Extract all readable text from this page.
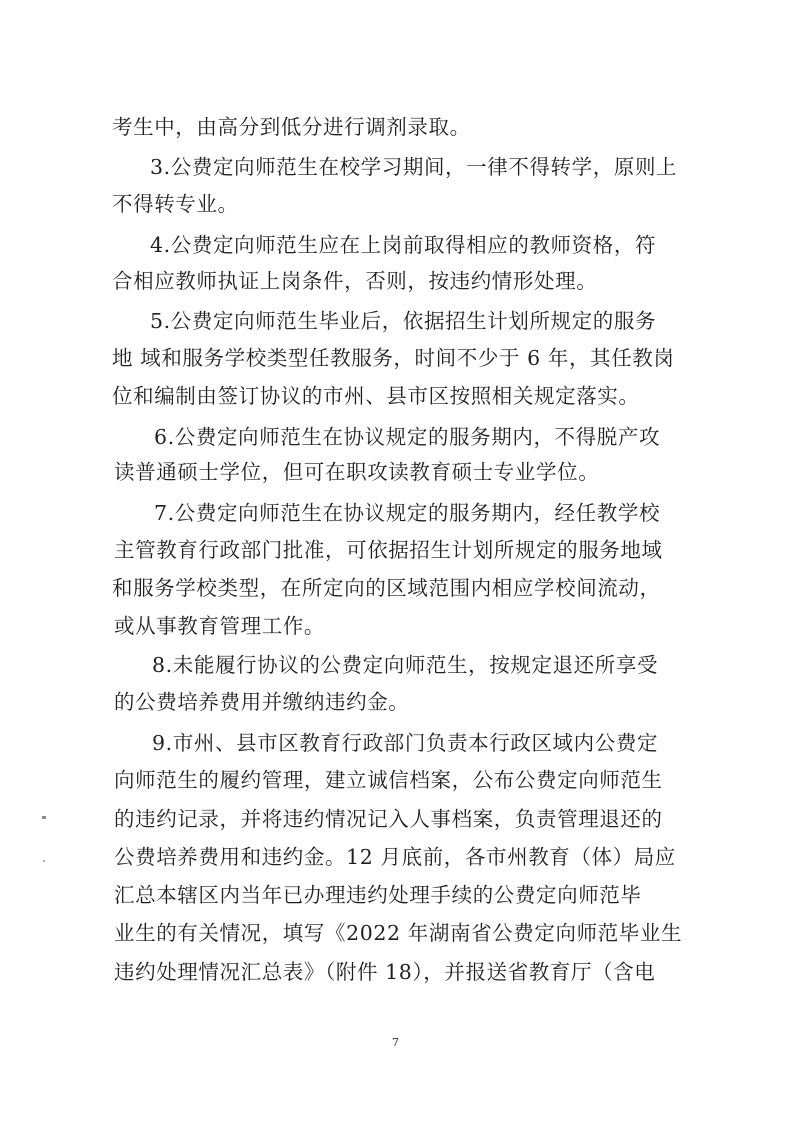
考生中，由高分到低分进行调剂录取。
3.公费定向师范生在校学习期间，一律不得转学，原则上
不得转专业。
4.公费定向师范生应在上岗前取得相应的教师资格，符
合相应教师执证上岗条件，否则，按违约情形处理。
5.公费定向师范生毕业后，依据招生计划所规定的服务
地 域和服务学校类型任教服务，时间不少于 6 年，其任教岗
位和编制由签订协议的市州、县市区按照相关规定落实。
6.公费定向师范生在协议规定的服务期内，不得脱产攻
读普通硕士学位，但可在职攻读教育硕士专业学位。
7.公费定向师范生在协议规定的服务期内，经任教学校
主管教育行政部门批准，可依据招生计划所规定的服务地域
和服务学校类型，在所定向的区域范围内相应学校间流动，
或从事教育管理工作。
8.未能履行协议的公费定向师范生，按规定退还所享受
的公费培养费用并缴纳违约金。
9.市州、县市区教育行政部门负责本行政区域内公费定
向师范生的履约管理，建立诚信档案，公布公费定向师范生
的违约记录，并将违约情况记入人事档案，负责管理退还的
公费培养费用和违约金。12 月底前，各市州教育（体）局应
汇总本辖区内当年已办理违约处理手续的公费定向师范毕
业生的有关情况，填写《2022 年湖南省公费定向师范毕业生
违约处理情况汇总表》（附件 18），并报送省教育厅（含电
7
